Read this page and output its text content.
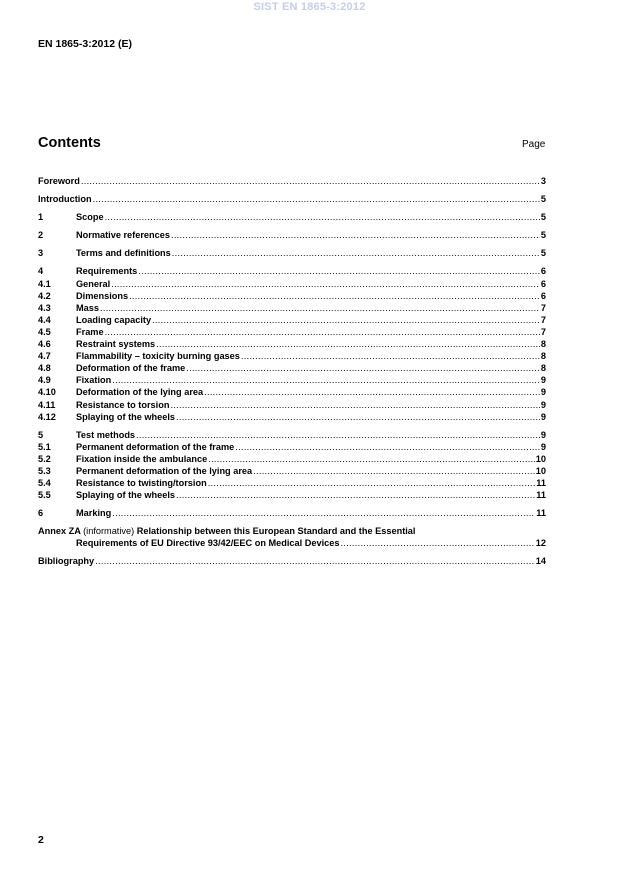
SIST EN 1865-3:2012
EN 1865-3:2012 (E)
Contents	Page
Foreword .....	3
Introduction .....	5
1	Scope .....	5
2	Normative references .....	5
3	Terms and definitions .....	5
4	Requirements .....	6
4.1	General .....	6
4.2	Dimensions .....	6
4.3	Mass .....	7
4.4	Loading capacity .....	7
4.5	Frame .....	7
4.6	Restraint systems .....	8
4.7	Flammability – toxicity burning gases .....	8
4.8	Deformation of the frame .....	8
4.9	Fixation .....	9
4.10	Deformation of the lying area .....	9
4.11	Resistance to torsion .....	9
4.12	Splaying of the wheels .....	9
5	Test methods .....	9
5.1	Permanent deformation of the frame .....	9
5.2	Fixation inside the ambulance .....	10
5.3	Permanent deformation of the lying area .....	10
5.4	Resistance to twisting/torsion .....	11
5.5	Splaying of the wheels .....	11
6	Marking .....	11
Annex ZA (informative) Relationship between this European Standard and the Essential
Requirements of EU Directive 93/42/EEC on Medical Devices .....	12
Bibliography .....	14
2
